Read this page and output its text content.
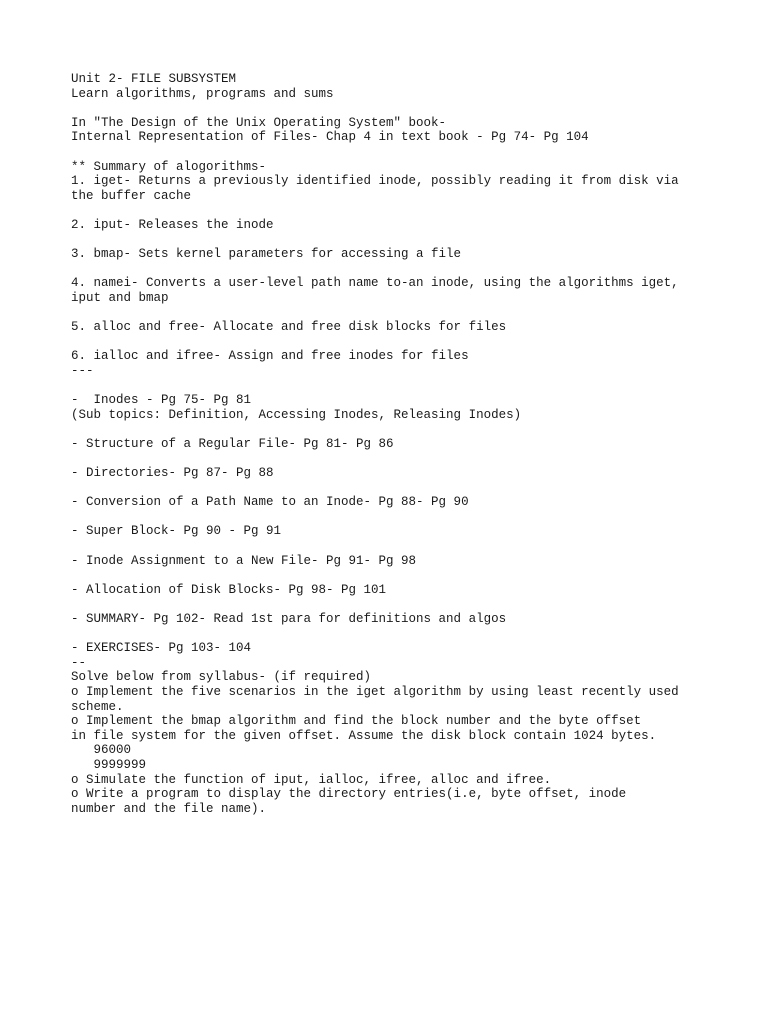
Unit 2- FILE SUBSYSTEM
Learn algorithms, programs and sums
In "The Design of the Unix Operating System" book-
Internal Representation of Files- Chap 4 in text book - Pg 74- Pg 104
** Summary of alogorithms-
1. iget- Returns a previously identified inode, possibly reading it from disk via
the buffer cache
2. iput- Releases the inode
3. bmap- Sets kernel parameters for accessing a file
4. namei- Converts a user-level path name to-an inode, using the algorithms iget,
iput and bmap
5. alloc and free- Allocate and free disk blocks for files
6. ialloc and ifree- Assign and free inodes for files
---
-  Inodes - Pg 75- Pg 81
(Sub topics: Definition, Accessing Inodes, Releasing Inodes)
- Structure of a Regular File- Pg 81- Pg 86
- Directories- Pg 87- Pg 88
- Conversion of a Path Name to an Inode- Pg 88- Pg 90
- Super Block- Pg 90 - Pg 91
- Inode Assignment to a New File- Pg 91- Pg 98
- Allocation of Disk Blocks- Pg 98- Pg 101
- SUMMARY- Pg 102- Read 1st para for definitions and algos
- EXERCISES- Pg 103- 104
--
Solve below from syllabus- (if required)
o Implement the five scenarios in the iget algorithm by using least recently used
scheme.
o Implement the bmap algorithm and find the block number and the byte offset
in file system for the given offset. Assume the disk block contain 1024 bytes.
96000
9999999
o Simulate the function of iput, ialloc, ifree, alloc and ifree.
o Write a program to display the directory entries(i.e, byte offset, inode
number and the file name).
